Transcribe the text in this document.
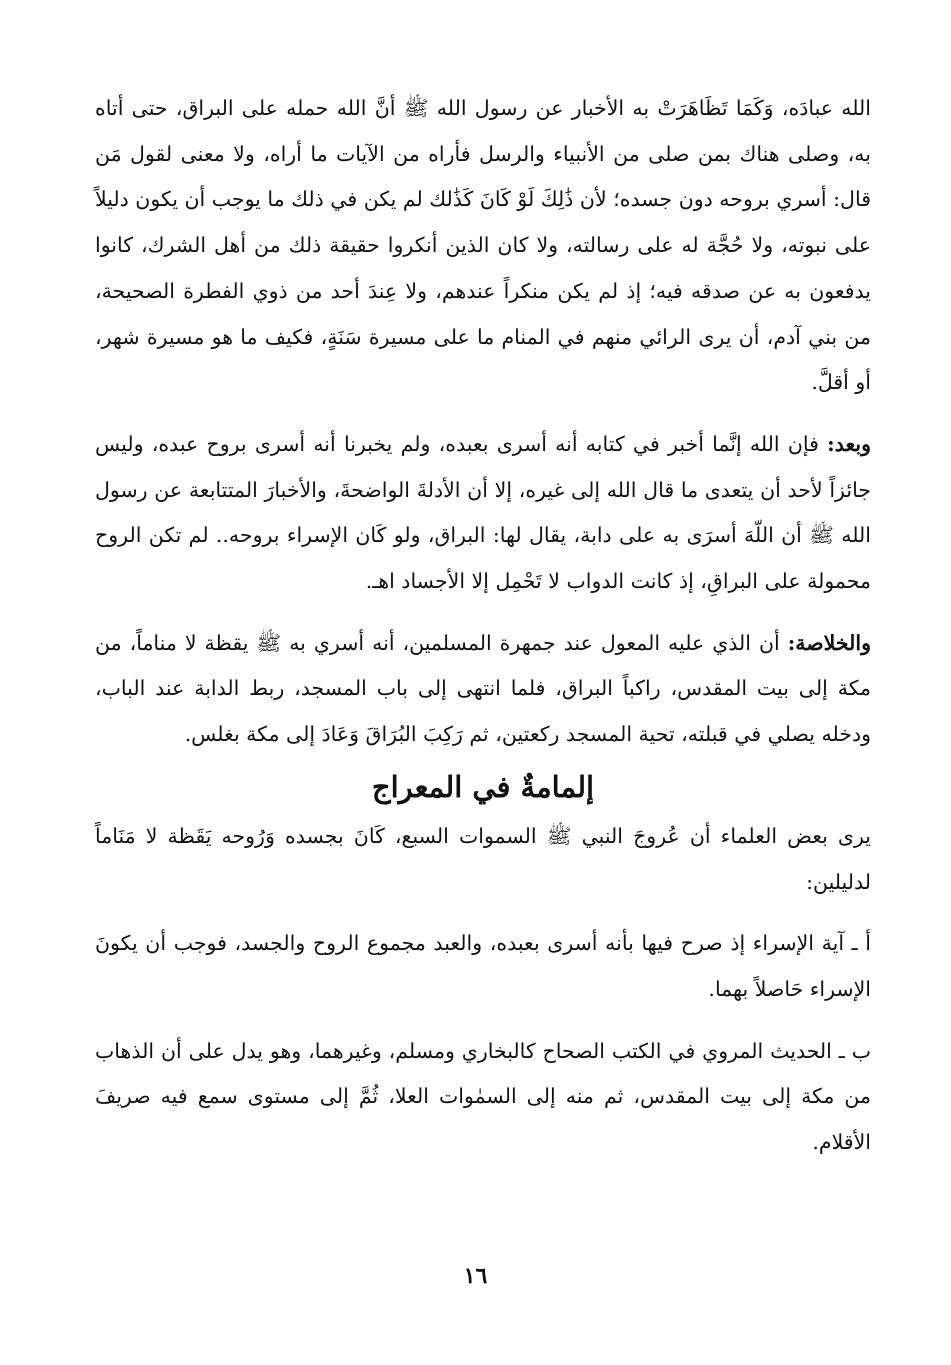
الله عبادَه، وَكَمَا تَظَاهَرَتْ به الأخبار عن رسول الله ﷺ أنَّ الله حمله على البراق، حتى أتاه به، وصلى هناك بمن صلى من الأنبياء والرسل فأراه من الآيات ما أراه، ولا معنى لقول مَن قال: أسري بروحه دون جسده؛ لأن ذَٰلِكَ لَوْ كَانَ كَذَٰلك لم يكن في ذلك ما يوجب أن يكون دليلاً على نبوته، ولا حُجَّة له على رسالته، ولا كان الذين أنكروا حقيقة ذلك من أهل الشرك، كانوا يدفعون به عن صدقه فيه؛ إذ لم يكن منكراً عندهم، ولا عِندَ أحد من ذوي الفطرة الصحيحة، من بني آدم، أن يرى الرائي منهم في المنام ما على مسيرة سَنَةٍ، فكيف ما هو مسيرة شهر، أو أقلَّ.

وبعد: فإن الله إنَّما أخبر في كتابه أنه أسرى بعبده، ولم يخبرنا أنه أسرى بروح عبده، وليس جائزاً لأحد أن يتعدى ما قال الله إلى غيره، إلا أن الأدلةَ الواضحةَ، والأخبارَ المتتابعة عن رسول الله ﷺ أن اللّهَ أسرَى به على دابة، يقال لها: البراق، ولو كَان الإسراء بروحه.. لم تكن الروح محمولة على البراقِ، إذ كانت الدواب لا تَحْمِل إلا الأجساد اهـ.

والخلاصة: أن الذي عليه المعول عند جمهرة المسلمين، أنه أسري به ﷺ يقظة لا مناماً، من مكة إلى بيت المقدس، راكباً البراق، فلما انتهى إلى باب المسجد، ربط الدابة عند الباب، ودخله يصلي في قبلته، تحية المسجد ركعتين، ثم رَكِبَ البُرَاقَ وَعَادَ إلى مكة بغلس.

إلمامةٌ في المعراج

يرى بعض العلماء أن عُروجَ النبي ﷺ السموات السبع، كَانَ بجسده وَرُوحه يَقَظة لا مَنَاماً لدليلين:

أ ـ آية الإسراء إذ صرح فيها بأنه أسرى بعبده، والعبد مجموع الروح والجسد، فوجب أن يكونَ الإسراء حَاصلاً بهما.

ب ـ الحديث المروي في الكتب الصحاح كالبخاري ومسلم، وغيرهما، وهو يدل على أن الذهاب من مكة إلى بيت المقدس، ثم منه إلى السمٰوات العلا، ثُمَّ إلى مستوى سمع فيه صريفَ الأقلام.

١٦
